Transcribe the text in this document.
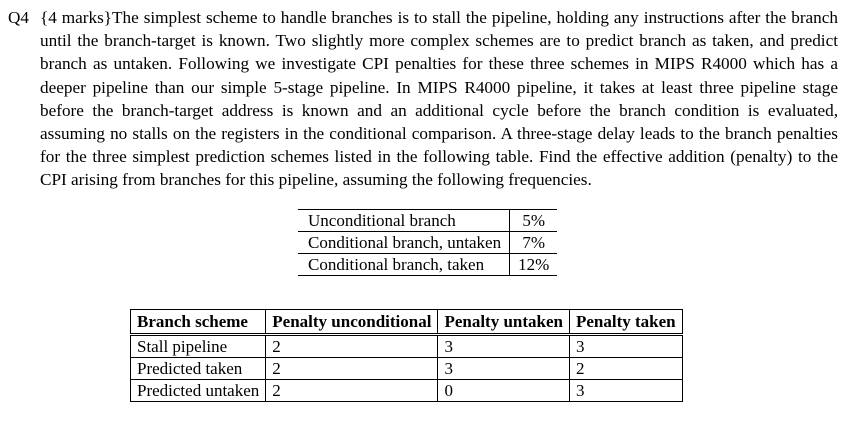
Q4 {4 marks}The simplest scheme to handle branches is to stall the pipeline, holding any instructions after the branch until the branch-target is known. Two slightly more complex schemes are to predict branch as taken, and predict branch as untaken. Following we investigate CPI penalties for these three schemes in MIPS R4000 which has a deeper pipeline than our simple 5-stage pipeline. In MIPS R4000 pipeline, it takes at least three pipeline stage before the branch-target address is known and an additional cycle before the branch condition is evaluated, assuming no stalls on the registers in the conditional comparison. A three-stage delay leads to the branch penalties for the three simplest prediction schemes listed in the following table. Find the effective addition (penalty) to the CPI arising from branches for this pipeline, assuming the following frequencies.
Unconditional branch	5%
Conditional branch, untaken	7%
Conditional branch, taken	12%
Branch scheme	Penalty unconditional	Penalty untaken	Penalty taken
Stall pipeline	2	3	3
Predicted taken	2	3	2
Predicted untaken	2	0	3
